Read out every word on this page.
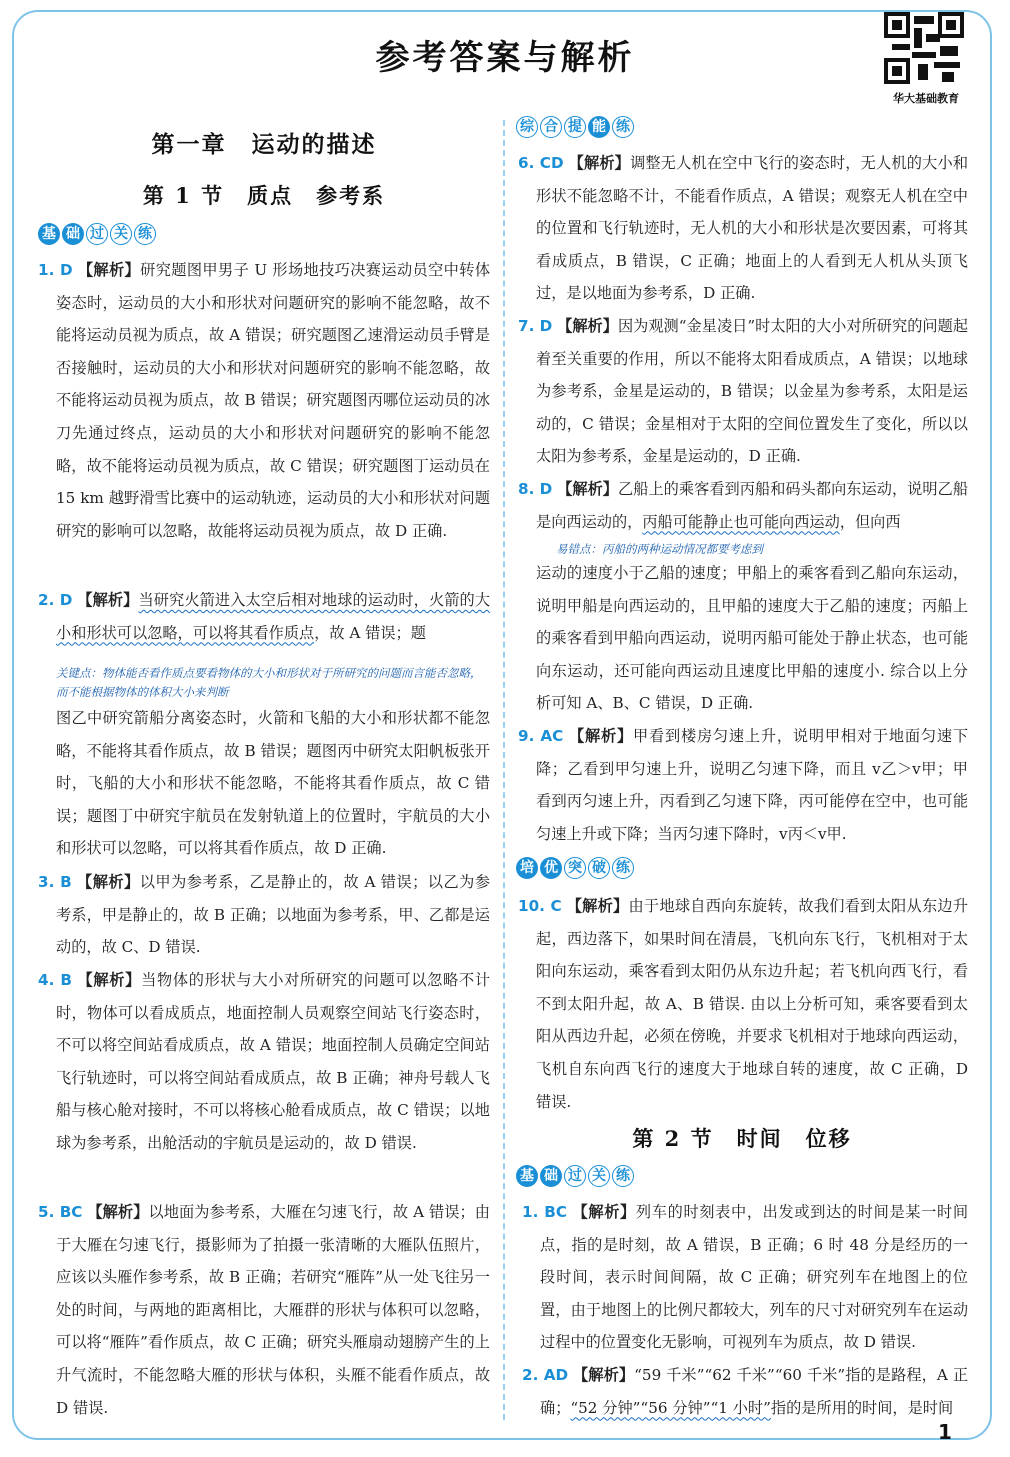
参考答案与解析
华大基础教育
第一章　运动的描述
第 1 节　质点　参考系
基 础 过 关 练
1. D 【解析】研究题图甲男子 U 形场地技巧决赛运动员空中转体姿态时，运动员的大小和形状对问题研究的影响不能忽略，故不能将运动员视为质点，故 A 错误；研究题图乙速滑运动员手臂是否接触时，运动员的大小和形状对问题研究的影响不能忽略，故不能将运动员视为质点，故 B 错误；研究题图丙哪位运动员的冰刀先通过终点，运动员的大小和形状对问题研究的影响不能忽略，故不能将运动员视为质点，故 C 错误；研究题图丁运动员在 15 km 越野滑雪比赛中的运动轨迹，运动员的大小和形状对问题研究的影响可以忽略，故能将运动员视为质点，故 D 正确.
2. D 【解析】当研究火箭进入太空后相对地球的运动时，火箭的大小和形状可以忽略，可以将其看作质点，故 A 错误；题
关键点：物体能否看作质点要看物体的大小和形状对于所研究的问题而言能否忽略，而不能根据物体的体积大小来判断
图乙中研究箭船分离姿态时，火箭和飞船的大小和形状都不能忽略，不能将其看作质点，故 B 错误；题图丙中研究太阳帆板张开时，飞船的大小和形状不能忽略，不能将其看作质点，故 C 错误；题图丁中研究宇航员在发射轨道上的位置时，宇航员的大小和形状可以忽略，可以将其看作质点，故 D 正确.
3. B 【解析】以甲为参考系，乙是静止的，故 A 错误；以乙为参考系，甲是静止的，故 B 正确；以地面为参考系，甲、乙都是运动的，故 C、D 错误.
4. B 【解析】当物体的形状与大小对所研究的问题可以忽略不计时，物体可以看成质点，地面控制人员观察空间站飞行姿态时，不可以将空间站看成质点，故 A 错误；地面控制人员确定空间站飞行轨迹时，可以将空间站看成质点，故 B 正确；神舟号载人飞船与核心舱对接时，不可以将核心舱看成质点，故 C 错误；以地球为参考系，出舱活动的宇航员是运动的，故 D 错误.
5. BC 【解析】以地面为参考系，大雁在匀速飞行，故 A 错误；由于大雁在匀速飞行，摄影师为了拍摄一张清晰的大雁队伍照片，应该以头雁作参考系，故 B 正确；若研究“雁阵”从一处飞往另一处的时间，与两地的距离相比，大雁群的形状与体积可以忽略，可以将“雁阵”看作质点，故 C 正确；研究头雁扇动翅膀产生的上升气流时，不能忽略大雁的形状与体积，头雁不能看作质点，故 D 错误.
综 合 提 能 练
6. CD 【解析】调整无人机在空中飞行的姿态时，无人机的大小和形状不能忽略不计，不能看作质点，A 错误；观察无人机在空中的位置和飞行轨迹时，无人机的大小和形状是次要因素，可将其看成质点，B 错误，C 正确；地面上的人看到无人机从头顶飞过，是以地面为参考系，D 正确.
7. D 【解析】因为观测“金星凌日”时太阳的大小对所研究的问题起着至关重要的作用，所以不能将太阳看成质点，A 错误；以地球为参考系，金星是运动的，B 错误；以金星为参考系，太阳是运动的，C 错误；金星相对于太阳的空间位置发生了变化，所以以太阳为参考系，金星是运动的，D 正确.
8. D 【解析】乙船上的乘客看到丙船和码头都向东运动，说明乙船是向西运动的，丙船可能静止也可能向西运动，但向西
易错点：丙船的两种运动情况都要考虑到
运动的速度小于乙船的速度；甲船上的乘客看到乙船向东运动，说明甲船是向西运动的，且甲船的速度大于乙船的速度；丙船上的乘客看到甲船向西运动，说明丙船可能处于静止状态，也可能向东运动，还可能向西运动且速度比甲船的速度小. 综合以上分析可知 A、B、C 错误，D 正确.
9. AC 【解析】甲看到楼房匀速上升，说明甲相对于地面匀速下降；乙看到甲匀速上升，说明乙匀速下降，而且 v乙＞v甲；甲看到丙匀速上升，丙看到乙匀速下降，丙可能停在空中，也可能匀速上升或下降；当丙匀速下降时，v丙＜v甲.
培 优 突 破 练
10. C 【解析】由于地球自西向东旋转，故我们看到太阳从东边升起，西边落下，如果时间在清晨，飞机向东飞行，飞机相对于太阳向东运动，乘客看到太阳仍从东边升起；若飞机向西飞行，看不到太阳升起，故 A、B 错误. 由以上分析可知，乘客要看到太阳从西边升起，必须在傍晚，并要求飞机相对于地球向西运动，飞机自东向西飞行的速度大于地球自转的速度，故 C 正确，D 错误.
第 2 节　时间　位移
基 础 过 关 练
1. BC 【解析】列车的时刻表中，出发或到达的时间是某一时间点，指的是时刻，故 A 错误，B 正确；6 时 48 分是经历的一段时间，表示时间间隔，故 C 正确；研究列车在地图上的位置，由于地图上的比例尺都较大，列车的尺寸对研究列车在运动过程中的位置变化无影响，可视列车为质点，故 D 错误.
2. AD 【解析】“59 千米”“62 千米”“60 千米”指的是路程，A 正确；“52 分钟”“56 分钟”“1 小时”指的是所用的时间，是时间
1
